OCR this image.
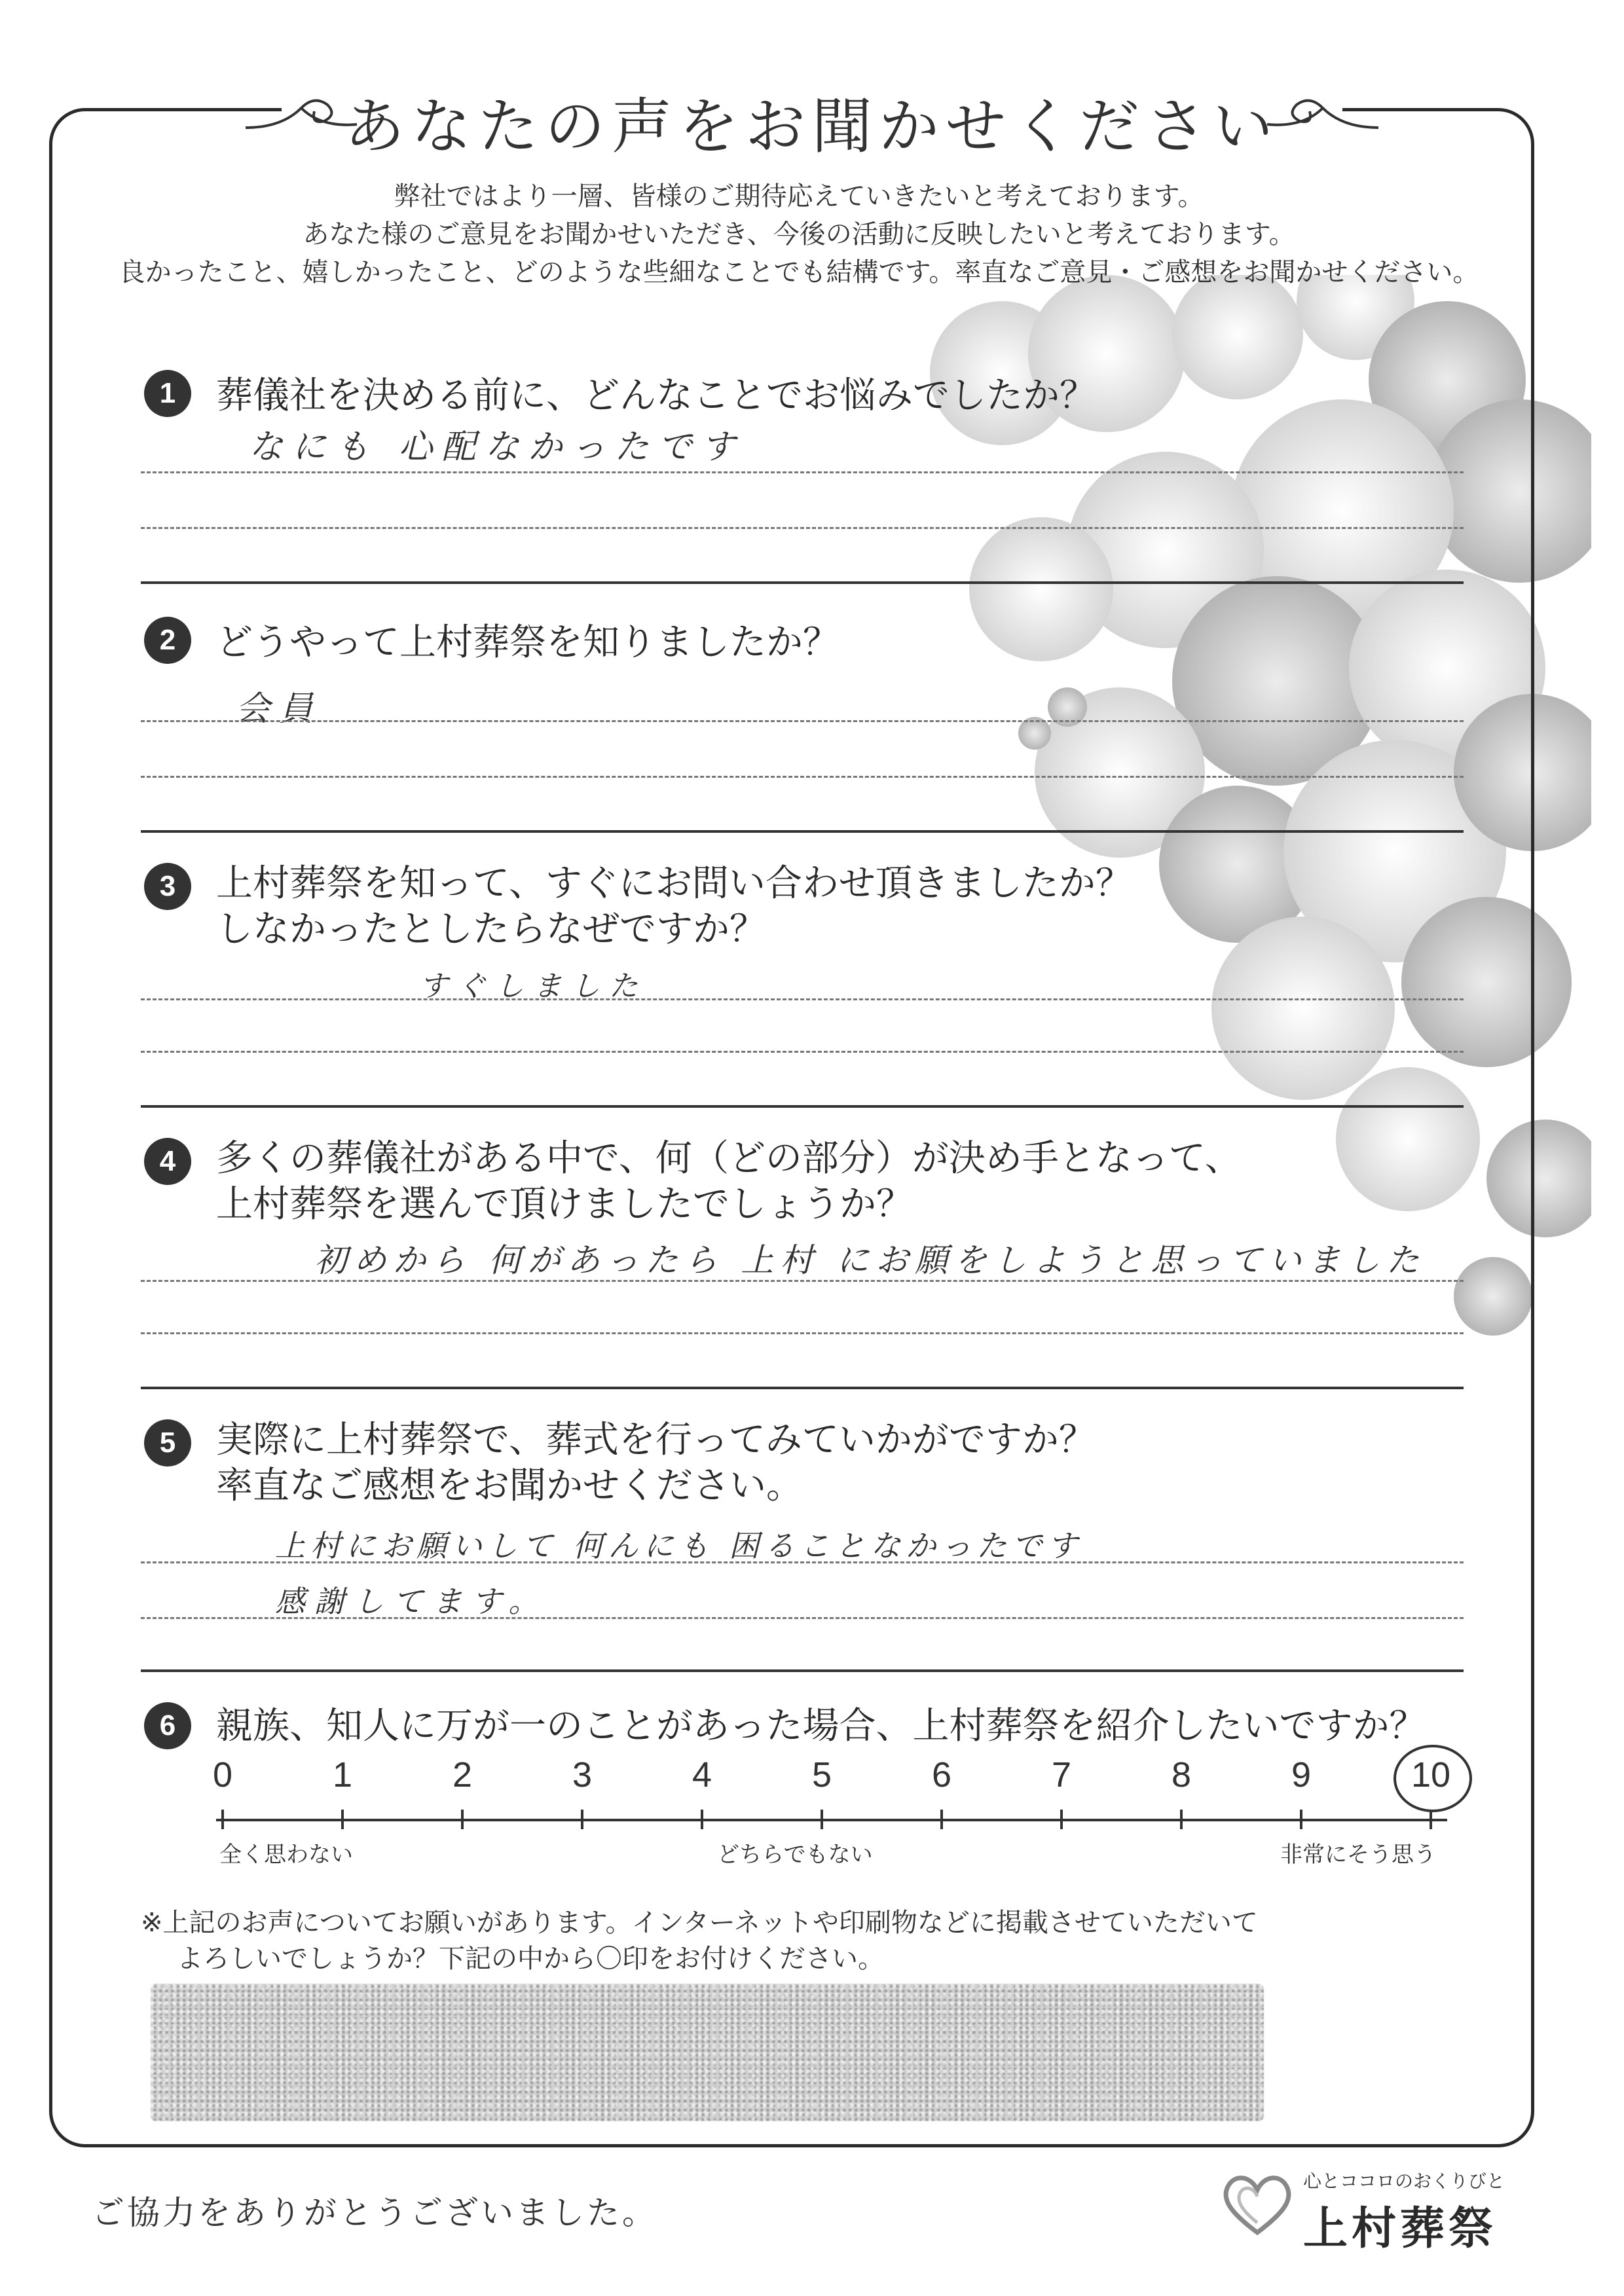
あなたの声をお聞かせください
弊社ではより一層、皆様のご期待応えていきたいと考えております。
あなた様のご意見をお聞かせいただき、今後の活動に反映したいと考えております。
良かったこと、嬉しかったこと、どのような些細なことでも結構です。率直なご意見・ご感想をお聞かせください。
1	葬儀社を決める前に、どんなことでお悩みでしたか？
なにも 心配なかったです
2	どうやって上村葬祭を知りましたか？
会員
3	上村葬祭を知って、すぐにお問い合わせ頂きましたか？
しなかったとしたらなぜですか？
すぐしました
4	多くの葬儀社がある中で、何（どの部分）が決め手となって、
上村葬祭を選んで頂けましたでしょうか？
初めから 何があったら 上村 にお願をしようと思っていました
5	実際に上村葬祭で、葬式を行ってみていかがですか？
率直なご感想をお聞かせください。
上村にお願いして 何んにも 困ることなかったです
感謝してます。
6	親族、知人に万が一のことがあった場合、上村葬祭を紹介したいですか？
0	1	2	3	4	5	6	7	8	9	10
全く思わない	どちらでもない	非常にそう思う
※上記のお声についてお願いがあります。インターネットや印刷物などに掲載させていただいて
よろしいでしょうか？下記の中から〇印をお付けください。
ご協力をありがとうございました。
心とココロのおくりびと
上村葬祭
